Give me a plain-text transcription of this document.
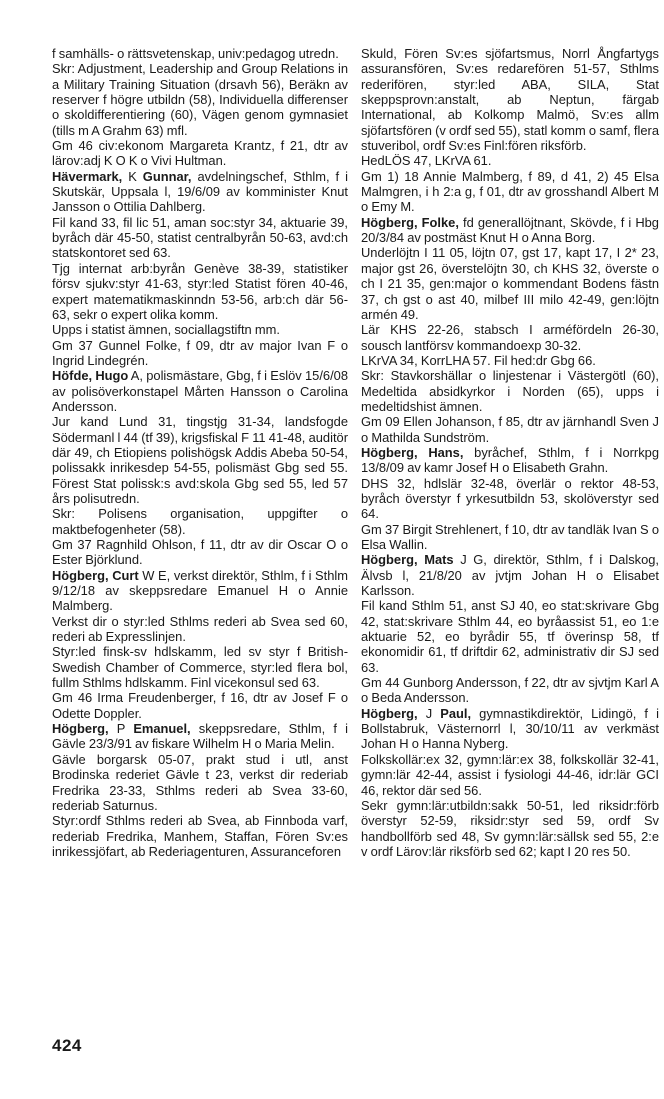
f samhälls- o rättsvetenskap, univ:pedagog utredn.

Skr: Adjustment, Leadership and Group Relations in a Military Training Situation (drsavh 56), Beräkn av reserver f högre utbildn (58), Individuella differenser o skoldifferentiering (60), Vägen genom gymnasiet (tills m A Grahm 63) mfl.

Gm 46 civ:ekonom Margareta Krantz, f 21, dtr av lärov:adj K O K o Vivi Hultman.

Hävermark, K Gunnar, avdelningschef, Sthlm, f i Skutskär, Uppsala l, 19/6/09 av komminister Knut Jansson o Ottilia Dahlberg.

Fil kand 33, fil lic 51, aman soc:styr 34, aktuarie 39, byråch där 45-50, statist centralbyrån 50-63, avd:ch statskontoret sed 63.

Tjg internat arb:byrån Genève 38-39, statistiker försv sjukv:styr 41-63, styr:led Statist fören 40-46, expert matematikmaskinndn 53-56, arb:ch där 56-63, sekr o expert olika komm.

Upps i statist ämnen, sociallagstiftn mm.

Gm 37 Gunnel Folke, f 09, dtr av major Ivan F o Ingrid Lindegrén.

Höfde, Hugo A, polismästare, Gbg, f i Eslöv 15/6/08 av polisöverkonstapel Mårten Hansson o Carolina Andersson.

Jur kand Lund 31, tingstjg 31-34, landsfogde Södermanl l 44 (tf 39), krigsfiskal F 11 41-48, auditör där 49, ch Etiopiens polishögsk Addis Abeba 50-54, polissakk inrikesdep 54-55, polismäst Gbg sed 55. Förest Stat polissk:s avd:skola Gbg sed 55, led 57 års polisutredn.

Skr: Polisens organisation, uppgifter o maktbefogenheter (58).

Gm 37 Ragnhild Ohlson, f 11, dtr av dir Oscar O o Ester Björklund.

Högberg, Curt W E, verkst direktör, Sthlm, f i Sthlm 9/12/18 av skeppsredare Emanuel H o Annie Malmberg.

Verkst dir o styr:led Sthlms rederi ab Svea sed 60, rederi ab Expresslinjen.

Styr:led finsk-sv hdlskamm, led sv styr f British-Swedish Chamber of Commerce, styr:led flera bol, fullm Sthlms hdlskamm. Finl vicekonsul sed 63.

Gm 46 Irma Freudenberger, f 16, dtr av Josef F o Odette Doppler.

Högberg, P Emanuel, skeppsredare, Sthlm, f i Gävle 23/3/91 av fiskare Wilhelm H o Maria Melin.

Gävle borgarsk 05-07, prakt stud i utl, anst Brodinska rederiet Gävle t 23, verkst dir rederiab Fredrika 23-33, Sthlms rederi ab Svea 33-60, rederiab Saturnus.

Styr:ordf Sthlms rederi ab Svea, ab Finnboda varf, rederiab Fredrika, Manhem, Staffan, Fören Sv:es inrikessjöfart, ab Rederiagenturen, Assuranceforen

Skuld, Fören Sv:es sjöfartsmus, Norrl Ångfartygs assuransfören, Sv:es redarefören 51-57, Sthlms rederifören, styr:led ABA, SILA, Stat skeppsprovn:anstalt, ab Neptun, färgab International, ab Kolkomp Malmö, Sv:es allm sjöfartsfören (v ordf sed 55), statl komm o samf, flera stuveribol, ordf Sv:es Finl:fören riksförb.

HedLÖS 47, LKrVA 61.

Gm 1) 18 Annie Malmberg, f 89, d 41, 2) 45 Elsa Malmgren, i h 2:a g, f 01, dtr av grosshandl Albert M o Emy M.

Högberg, Folke, fd generallöjtnant, Skövde, f i Hbg 20/3/84 av postmäst Knut H o Anna Borg.

Underlöjtn I 11 05, löjtn 07, gst 17, kapt 17, I 2* 23, major gst 26, överstelöjtn 30, ch KHS 32, överste o ch I 21 35, gen:major o kommendant Bodens fästn 37, ch gst o ast 40, milbef III milo 42-49, gen:löjtn armén 49.

Lär KHS 22-26, stabsch I arméfördeln 26-30, sousch lantförsv kommandoexp 30-32.

LKrVA 34, KorrLHA 57. Fil hed:dr Gbg 66.

Skr: Stavkorshällar o linjestenar i Västergötl (60), Medeltida absidkyrkor i Norden (65), upps i medeltidshist ämnen.

Gm 09 Ellen Johanson, f 85, dtr av järnhandl Sven J o Mathilda Sundström.

Högberg, Hans, byråchef, Sthlm, f i Norrkpg 13/8/09 av kamr Josef H o Elisabeth Grahn.

DHS 32, hdlslär 32-48, överlär o rektor 48-53, byråch överstyr f yrkesutbildn 53, skolöverstyr sed 64.

Gm 37 Birgit Strehlenert, f 10, dtr av tandläk Ivan S o Elsa Wallin.

Högberg, Mats J G, direktör, Sthlm, f i Dalskog, Älvsb l, 21/8/20 av jvtjm Johan H o Elisabet Karlsson.

Fil kand Sthlm 51, anst SJ 40, eo stat:skrivare Gbg 42, stat:skrivare Sthlm 44, eo byråassist 51, eo 1:e aktuarie 52, eo byrådir 55, tf överinsp 58, tf ekonomidir 61, tf driftdir 62, administrativ dir SJ sed 63.

Gm 44 Gunborg Andersson, f 22, dtr av sjvtjm Karl A o Beda Andersson.

Högberg, J Paul, gymnastikdirektör, Lidingö, f i Bollstabruk, Västernorrl l, 30/10/11 av verkmäst Johan H o Hanna Nyberg.

Folkskollär:ex 32, gymn:lär:ex 38, folkskollär 32-41, gymn:lär 42-44, assist i fysiologi 44-46, idr:lär GCI 46, rektor där sed 56.

Sekr gymn:lär:utbildn:sakk 50-51, led riksidr:förb överstyr 52-59, riksidr:styr sed 59, ordf Sv handbollförb sed 48, Sv gymn:lär:sällsk sed 55, 2:e v ordf Lärov:lär riksförb sed 62; kapt I 20 res 50.

424
